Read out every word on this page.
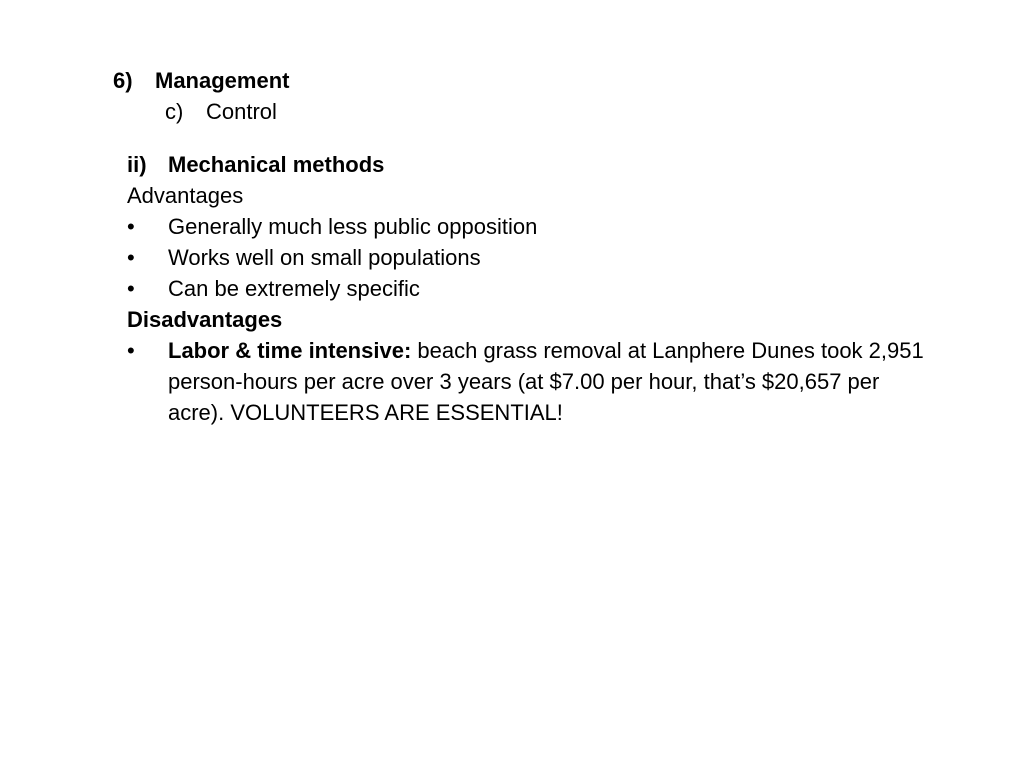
6) Management
c) Control
ii) Mechanical methods
Advantages
• Generally much less public opposition
• Works well on small populations
• Can be extremely specific
Disadvantages
• Labor & time intensive: beach grass removal at Lanphere Dunes took 2,951 person-hours per acre over 3 years (at $7.00 per hour, that’s $20,657 per acre). VOLUNTEERS ARE ESSENTIAL!
